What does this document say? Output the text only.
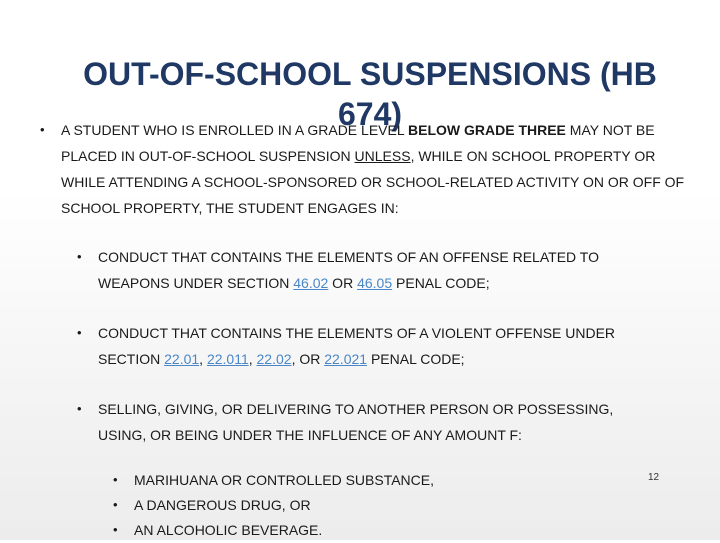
OUT-OF-SCHOOL SUSPENSIONS (HB 674)

• A STUDENT WHO IS ENROLLED IN A GRADE LEVEL BELOW GRADE THREE MAY NOT BE PLACED IN OUT-OF-SCHOOL SUSPENSION UNLESS, WHILE ON SCHOOL PROPERTY OR WHILE ATTENDING A SCHOOL-SPONSORED OR SCHOOL-RELATED ACTIVITY ON OR OFF OF SCHOOL PROPERTY, THE STUDENT ENGAGES IN:

• CONDUCT THAT CONTAINS THE ELEMENTS OF AN OFFENSE RELATED TO WEAPONS UNDER SECTION 46.02 OR 46.05 PENAL CODE;

• CONDUCT THAT CONTAINS THE ELEMENTS OF A VIOLENT OFFENSE UNDER SECTION 22.01, 22.011, 22.02, OR 22.021 PENAL CODE;

• SELLING, GIVING, OR DELIVERING TO ANOTHER PERSON OR POSSESSING, USING, OR BEING UNDER THE INFLUENCE OF ANY AMOUNT F:

• MARIHUANA OR CONTROLLED SUBSTANCE,

• A DANGEROUS DRUG, OR

• AN ALCOHOLIC BEVERAGE.

12
